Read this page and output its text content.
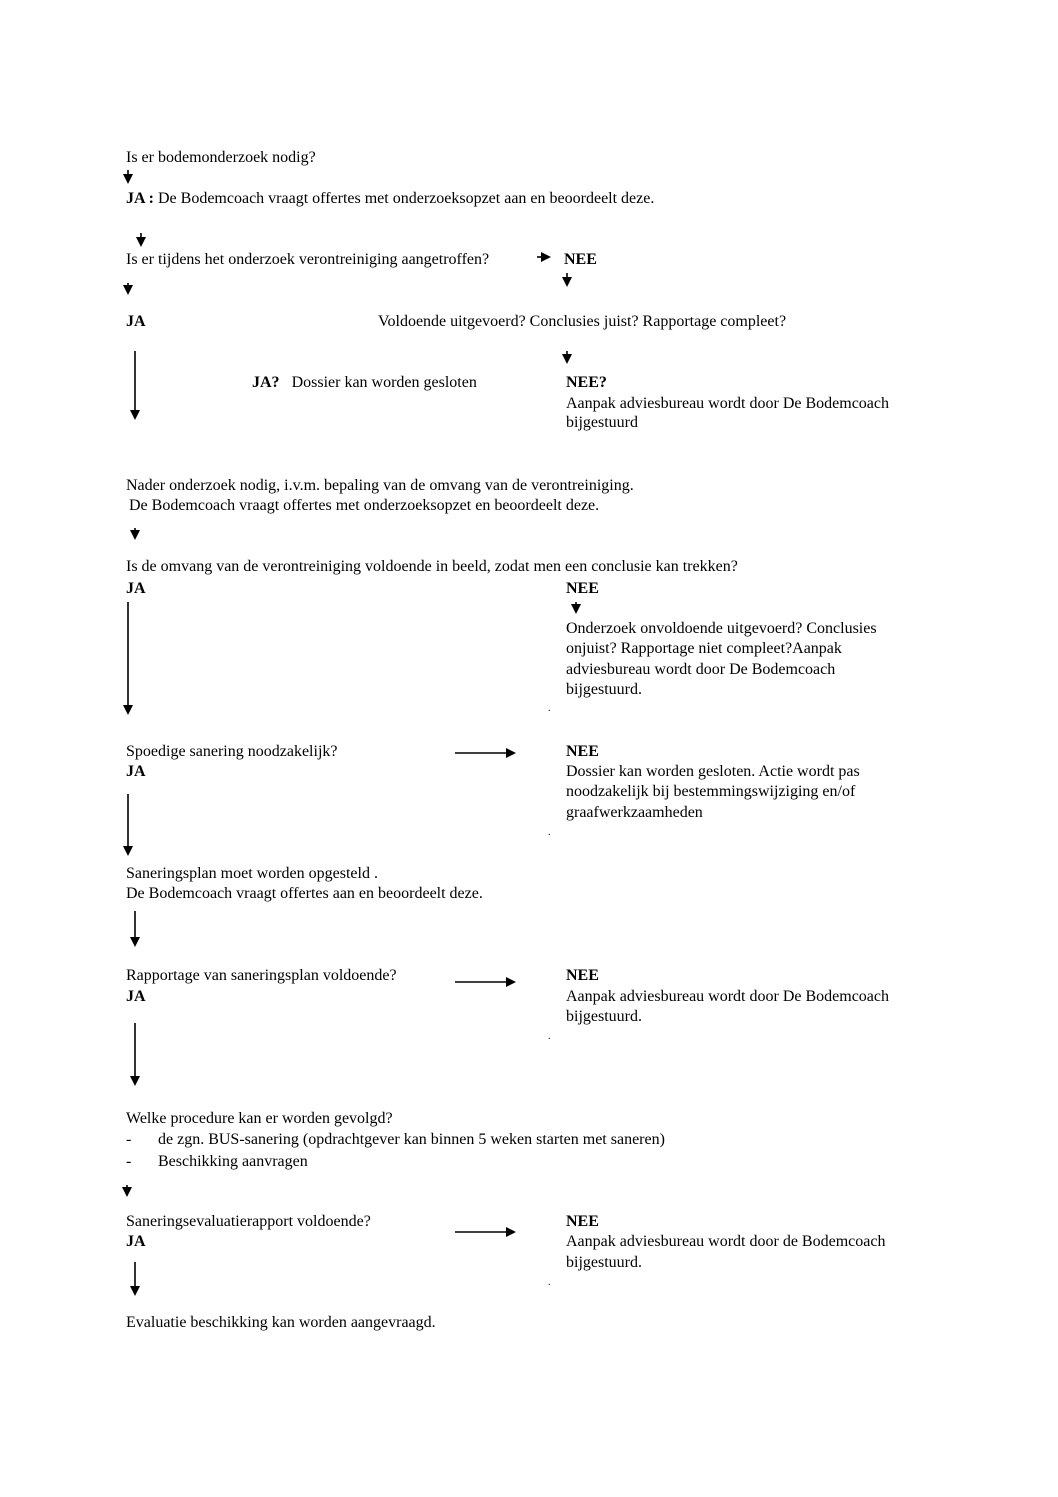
Is er bodemonderzoek nodig?
JA : De Bodemcoach vraagt offertes met onderzoeksopzet aan en beoordeelt deze.
Is er tijdens het onderzoek verontreiniging aangetroffen?	NEE
JA	Voldoende uitgevoerd? Conclusies juist? Rapportage compleet?
JA? Dossier kan worden gesloten	NEE?
Aanpak adviesbureau wordt door De Bodemcoach
bijgestuurd
Nader onderzoek nodig, i.v.m. bepaling van de omvang van de verontreiniging.
De Bodemcoach vraagt offertes met onderzoeksopzet en beoordeelt deze.
Is de omvang van de verontreiniging voldoende in beeld, zodat men een conclusie kan trekken?
JA	NEE
Onderzoek onvoldoende uitgevoerd? Conclusies
onjuist? Rapportage niet compleet?Aanpak
adviesbureau wordt door De Bodemcoach
bijgestuurd.
.
Spoedige sanering noodzakelijk?
JA
NEE
Dossier kan worden gesloten. Actie wordt pas
noodzakelijk bij bestemmingswijziging en/of
graafwerkzaamheden
.
Saneringsplan moet worden opgesteld .
De Bodemcoach vraagt offertes aan en beoordeelt deze.
Rapportage van saneringsplan voldoende?
JA
NEE
Aanpak adviesbureau wordt door De Bodemcoach
bijgestuurd.
.
Welke procedure kan er worden gevolgd?
- de zgn. BUS-sanering (opdrachtgever kan binnen 5 weken starten met saneren)
- Beschikking aanvragen
Saneringsevaluatierapport voldoende?
JA
NEE
Aanpak adviesbureau wordt door de Bodemcoach
bijgestuurd.
.
Evaluatie beschikking kan worden aangevraagd.
